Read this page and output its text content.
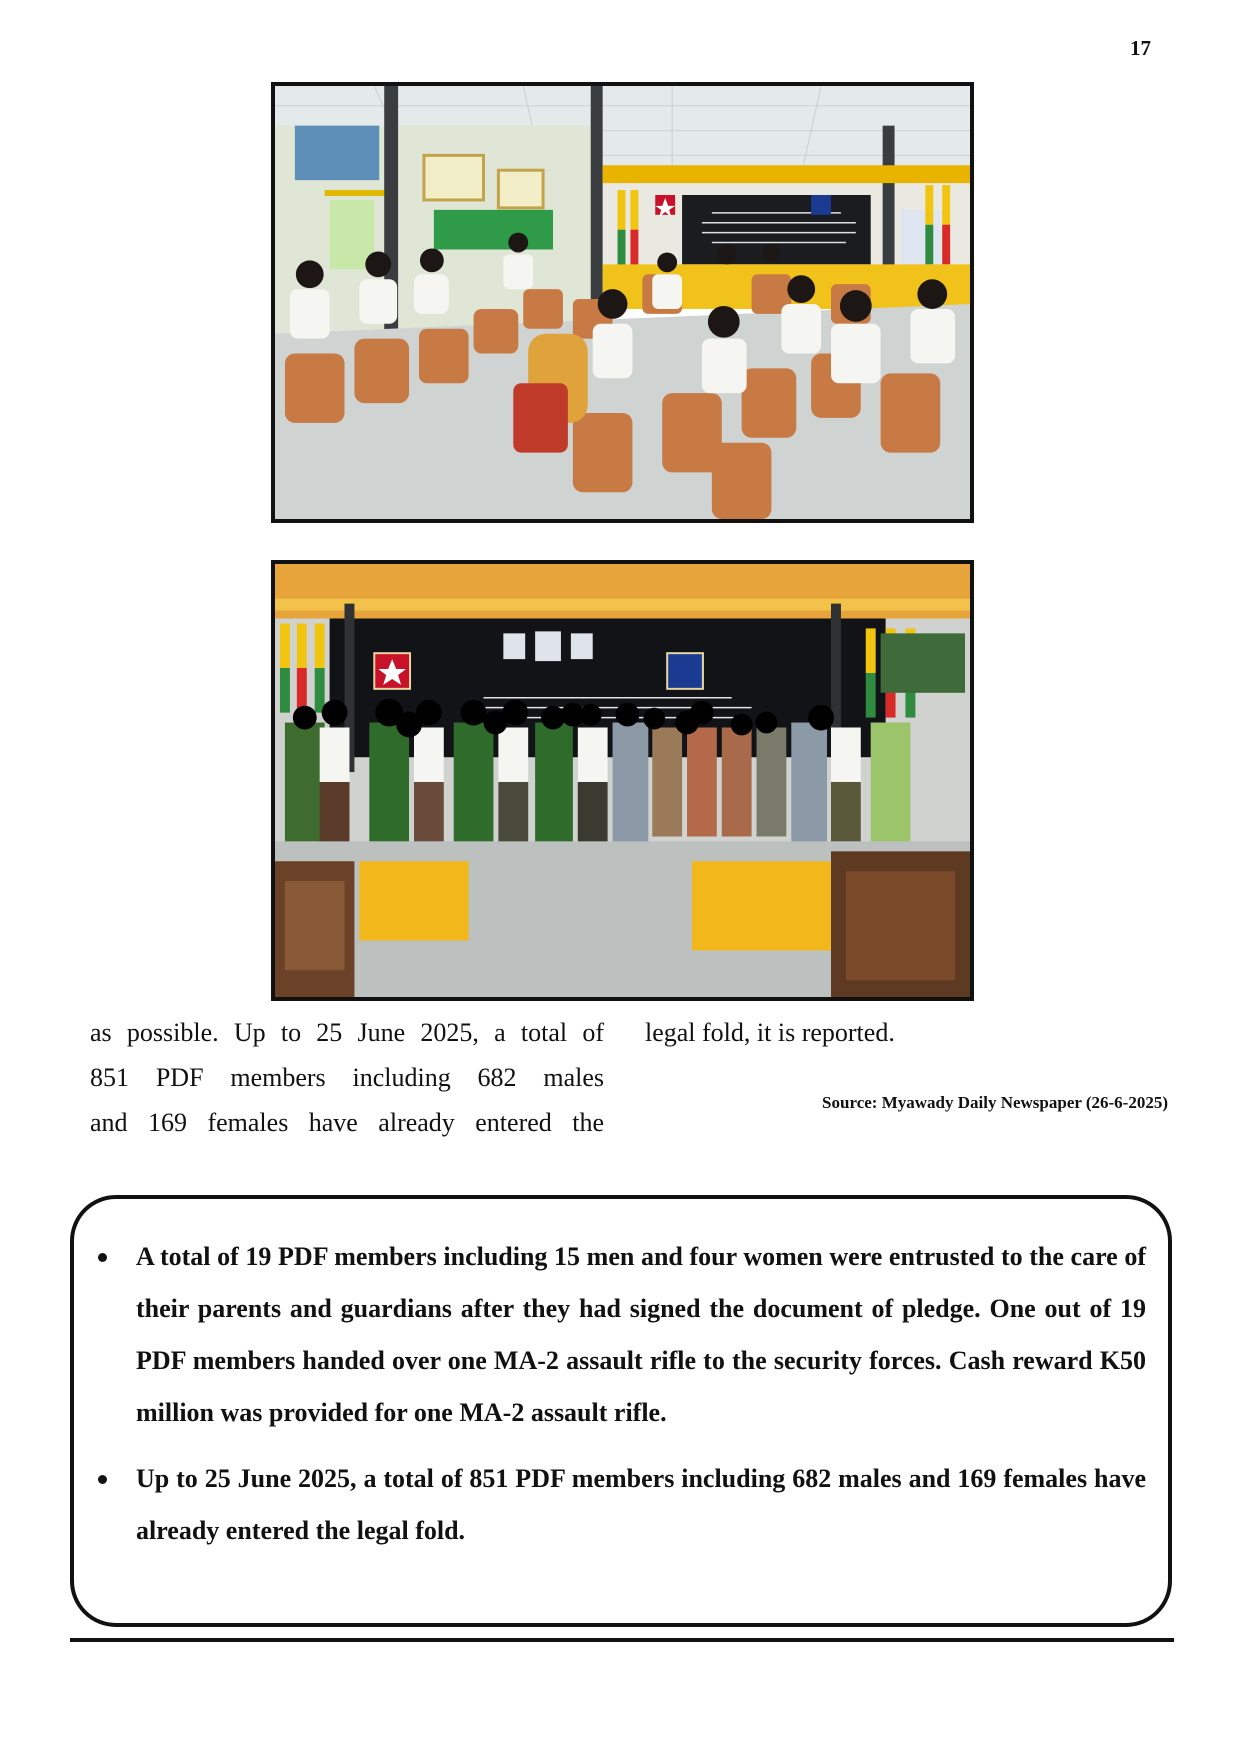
17
as possible. Up to 25 June 2025, a total of
851 PDF members including 682 males
and 169 females have already entered the
legal fold, it is reported.
Source: Myawady Daily Newspaper (26-6-2025)
A total of 19 PDF members including 15 men and four women were entrusted to the care of their parents and guardians after they had signed the document of pledge. One out of 19 PDF members handed over one MA-2 assault rifle to the security forces. Cash reward K50 million was provided for one MA-2 assault rifle.
Up to 25 June 2025, a total of 851 PDF members including 682 males and 169 females have already entered the legal fold.
